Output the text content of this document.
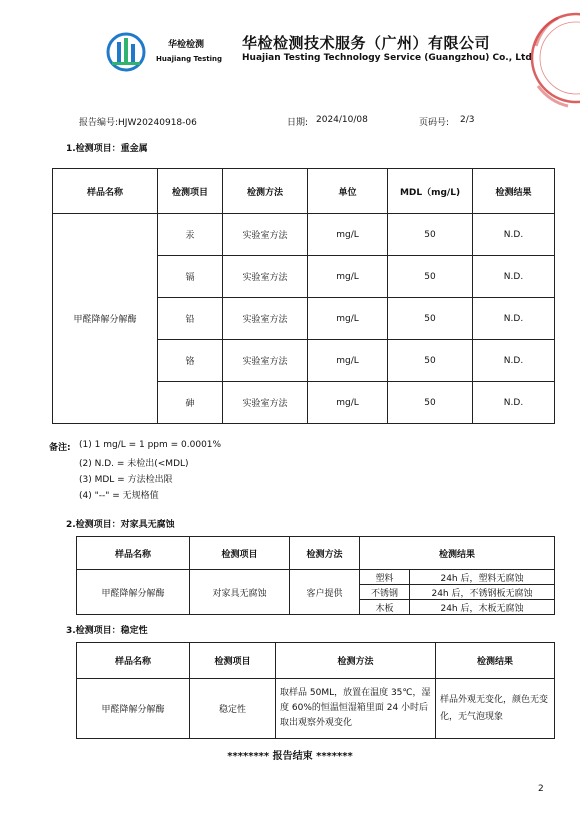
华检检测
Huajiang Testing
华检检测技术服务（广州）有限公司
Huajian Testing Technology Service (Guangzhou) Co., Ltd
报告编号:HJW20240918-06	日期: 2024/10/08	页码号: 2/3
1.检测项目：重金属
样品名称	检测项目	检测方法	单位	MDL（mg/L)	检测结果
甲醛降解分解酶	汞	实验室方法	mg/L	50	N.D.
	镉	实验室方法	mg/L	50	N.D.
	铅	实验室方法	mg/L	50	N.D.
	铬	实验室方法	mg/L	50	N.D.
	砷	实验室方法	mg/L	50	N.D.
备注: (1) 1 mg/L = 1 ppm = 0.0001%
(2) N.D. = 未检出(<MDL)
(3) MDL = 方法检出限
(4) "--" = 无规格值
2.检测项目：对家具无腐蚀
样品名称	检测项目	检测方法	检测结果	
甲醛降解分解酶	对家具无腐蚀	客户提供	塑料	24h 后，塑料无腐蚀
			不锈钢	24h 后，不锈钢板无腐蚀
			木板	24h 后，木板无腐蚀
3.检测项目：稳定性
样品名称	检测项目	检测方法	检测结果
甲醛降解分解酶	稳定性	取样品 50ML，放置在温度 35℃，湿度 60%的恒温恒湿箱里面 24 小时后取出观察外观变化	样品外观无变化，颜色无变化，无气泡现象
******** 报告结束 *******
2
